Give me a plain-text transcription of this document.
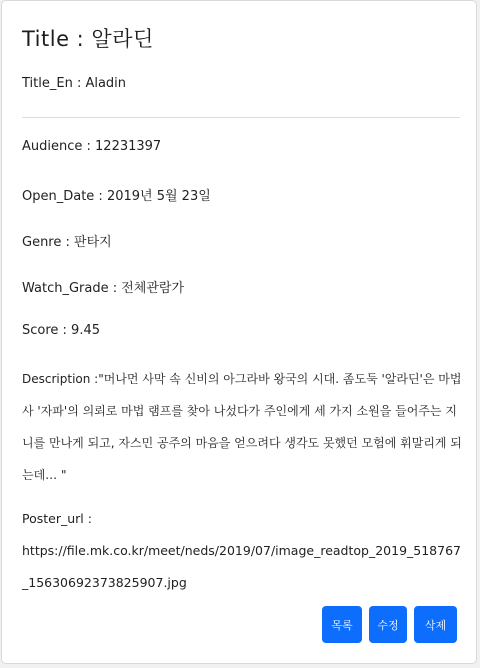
Title : 알라딘
Title_En : Aladin
Audience : 12231397
Open_Date : 2019년 5월 23일
Genre : 판타지
Watch_Grade : 전체관람가
Score : 9.45
Description :"머나먼 사막 속 신비의 아그라바 왕국의 시대. 좀도둑 '알라딘'은 마법사 '자파'의 의뢰로 마법 램프를 찾아 나섰다가 주인에게 세 가지 소원을 들어주는 지니를 만나게 되고, 자스민 공주의 마음을 얻으려다 생각도 못했던 모험에 휘말리게 되는데… "
Poster_url :
https://file.mk.co.kr/meet/neds/2019/07/image_readtop_2019_518767_15630692373825907.jpg
목록	수정	삭제
